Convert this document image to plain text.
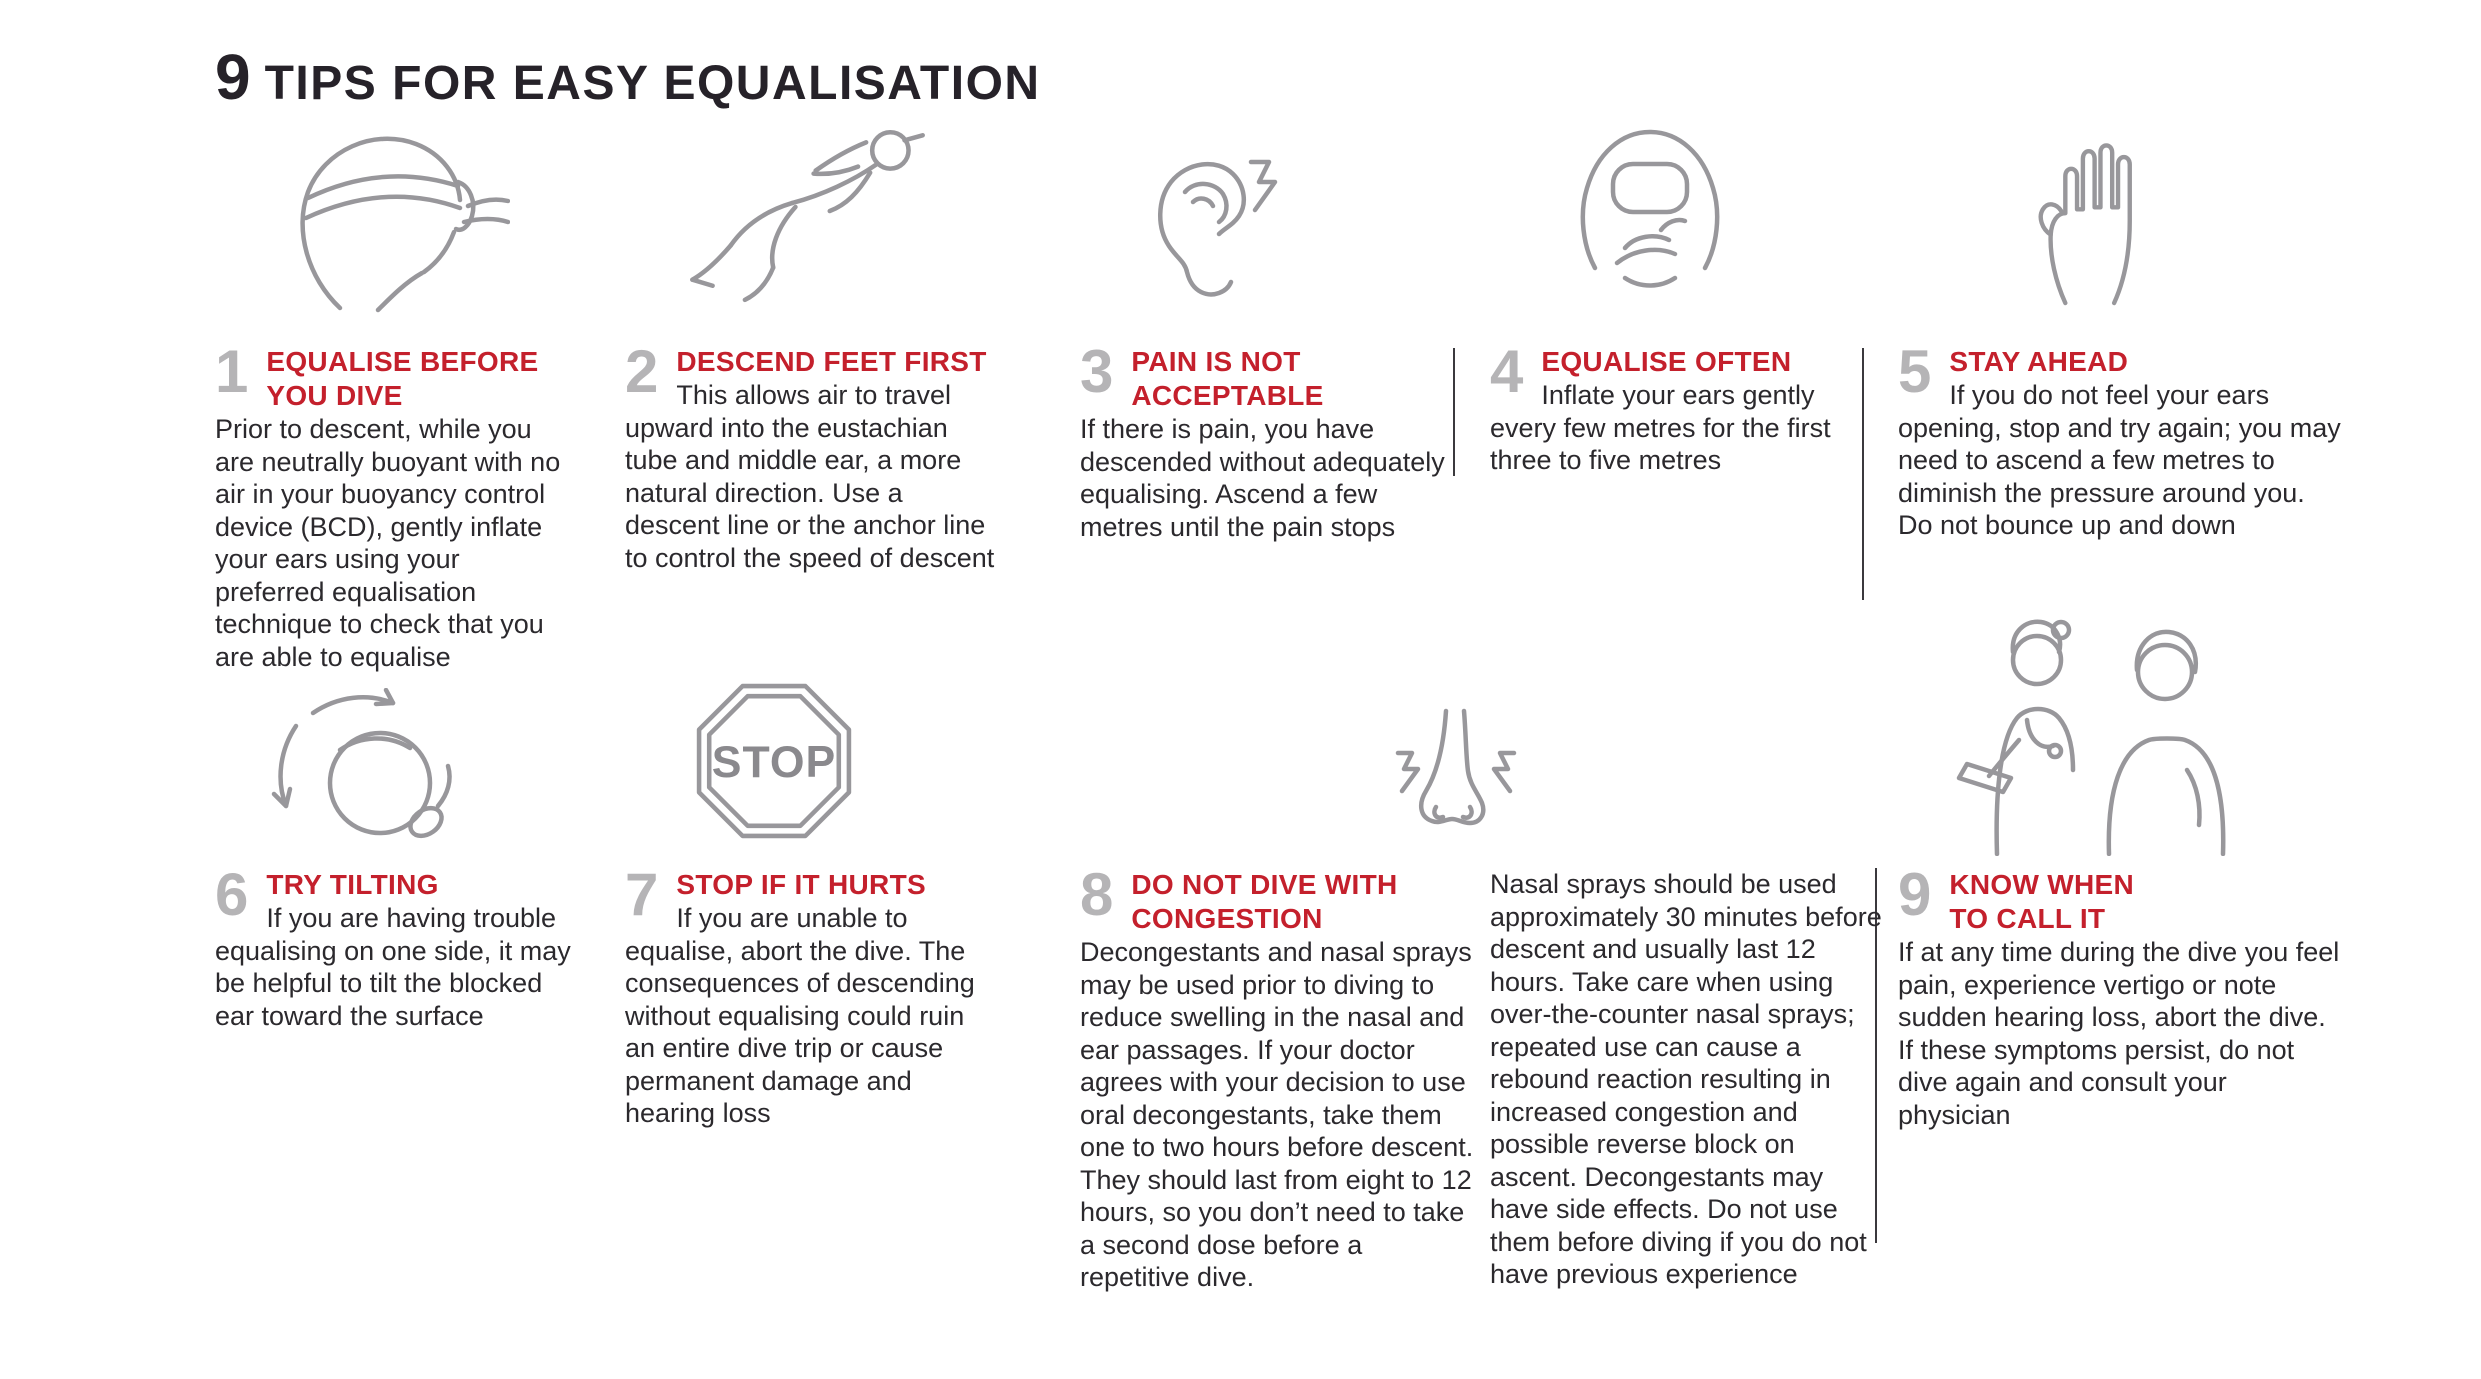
9 TIPS FOR EASY EQUALISATION
STOP
1 EQUALISE BEFORE YOU DIVE

Prior to descent, while you are neutrally buoyant with no air in your buoyancy control device (BCD), gently inflate your ears using your preferred equalisation technique to check that you are able to equalise

2 DESCEND FEET FIRST

This allows air to travel upward into the eustachian tube and middle ear, a more natural direction. Use a descent line or the anchor line to control the speed of descent

3 PAIN IS NOT ACCEPTABLE

If there is pain, you have descended without adequately equalising. Ascend a few metres until the pain stops

4 EQUALISE OFTEN

Inflate your ears gently every few metres for the first three to five metres

5 STAY AHEAD

If you do not feel your ears opening, stop and try again; you may need to ascend a few metres to diminish the pressure around you. Do not bounce up and down

6 TRY TILTING

If you are having trouble equalising on one side, it may be helpful to tilt the blocked ear toward the surface

7 STOP IF IT HURTS

If you are unable to equalise, abort the dive. The consequences of descending without equalising could ruin an entire dive trip or cause permanent damage and hearing loss

8 DO NOT DIVE WITH CONGESTION

Decongestants and nasal sprays may be used prior to diving to reduce swelling in the nasal and ear passages. If your doctor agrees with your decision to use oral decongestants, take them one to two hours before descent. They should last from eight to 12 hours, so you don’t need to take a second dose before a repetitive dive.

Nasal sprays should be used approximately 30 minutes before descent and usually last 12 hours. Take care when using over-the-counter nasal sprays; repeated use can cause a rebound reaction resulting in increased congestion and possible reverse block on ascent. Decongestants may have side effects. Do not use them before diving if you do not have previous experience

9 KNOW WHEN TO CALL IT

If at any time during the dive you feel pain, experience vertigo or note sudden hearing loss, abort the dive. If these symptoms persist, do not dive again and consult your physician
